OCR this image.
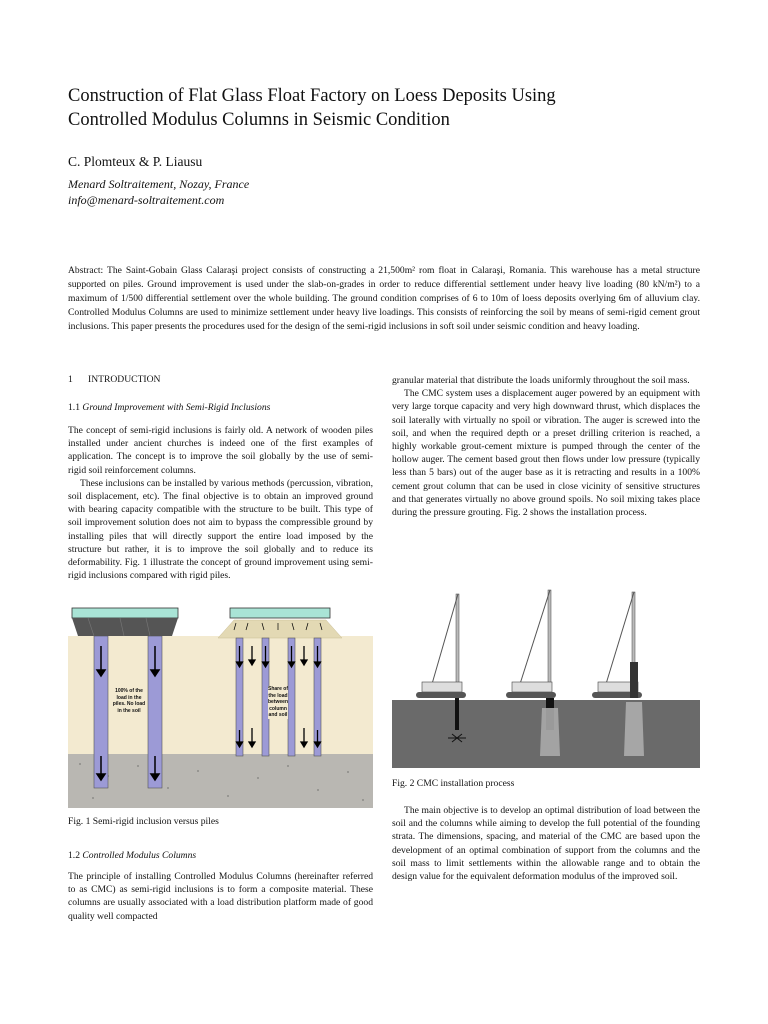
Construction of Flat Glass Float Factory on Loess Deposits Using
Controlled Modulus Columns in Seismic Condition
C. Plomteux & P. Liausu
Menard Soltraitement, Nozay, France
info@menard-soltraitement.com

Abstract: The Saint-Gobain Glass Calaraşi project consists of constructing a 21,500m² rom float in Calaraşi, Romania. This warehouse has a metal structure supported on piles. Ground improvement is used under the slab-on-grades in order to reduce differential settlement under heavy live loading (80 kN/m²) to a maximum of 1/500 differential settlement over the whole building. The ground condition comprises of 6 to 10m of loess deposits overlying 6m of alluvium clay. Controlled Modulus Columns are used to minimize settlement under heavy live loadings. This consists of reinforcing the soil by means of semi-rigid cement grout inclusions. This paper presents the procedures used for the design of the semi-rigid inclusions in soft soil under seismic condition and heavy loading.

1 INTRODUCTION
1.1 Ground Improvement with Semi-Rigid Inclusions

The concept of semi-rigid inclusions is fairly old. A network of wooden piles installed under ancient churches is indeed one of the first examples of application. The concept is to improve the soil globally by the use of semi-rigid soil reinforcement columns.

These inclusions can be installed by various methods (percussion, vibration, soil displacement, etc). The final objective is to obtain an improved ground with bearing capacity compatible with the structure to be built. This type of soil improvement solution does not aim to bypass the compressible ground by installing piles that will directly support the entire load imposed by the structure but rather, it is to improve the soil globally and to reduce its deformability. Fig. 1 illustrate the concept of ground improvement using semi-rigid inclusions compared with rigid piles.

100% of the load in the piles. No load in the soil
Share of the load between column and soil
Fig. 1 Semi-rigid inclusion versus piles
1.2 Controlled Modulus Columns

The principle of installing Controlled Modulus Columns (hereinafter referred to as CMC) as semi-rigid inclusions is to form a composite material. These columns are usually associated with a load distribution platform made of good quality well compacted

granular material that distribute the loads uniformly throughout the soil mass.

The CMC system uses a displacement auger powered by an equipment with very large torque capacity and very high downward thrust, which displaces the soil laterally with virtually no spoil or vibration. The auger is screwed into the soil, and when the required depth or a preset drilling criterion is reached, a highly workable grout-cement mixture is pumped through the center of the hollow auger. The cement based grout then flows under low pressure (typically less than 5 bars) out of the auger base as it is retracting and results in a 100% cement grout column that can be used in close vicinity of sensitive structures and that generates virtually no above ground spoils. No soil mixing takes place during the pressure grouting. Fig. 2 shows the installation process.

Fig. 2 CMC installation process

The main objective is to develop an optimal distribution of load between the soil and the columns while aiming to develop the full potential of the founding strata. The dimensions, spacing, and material of the CMC are based upon the development of an optimal combination of support from the columns and the soil mass to limit settlements within the allowable range and to obtain the design value for the equivalent deformation modulus of the improved soil.
